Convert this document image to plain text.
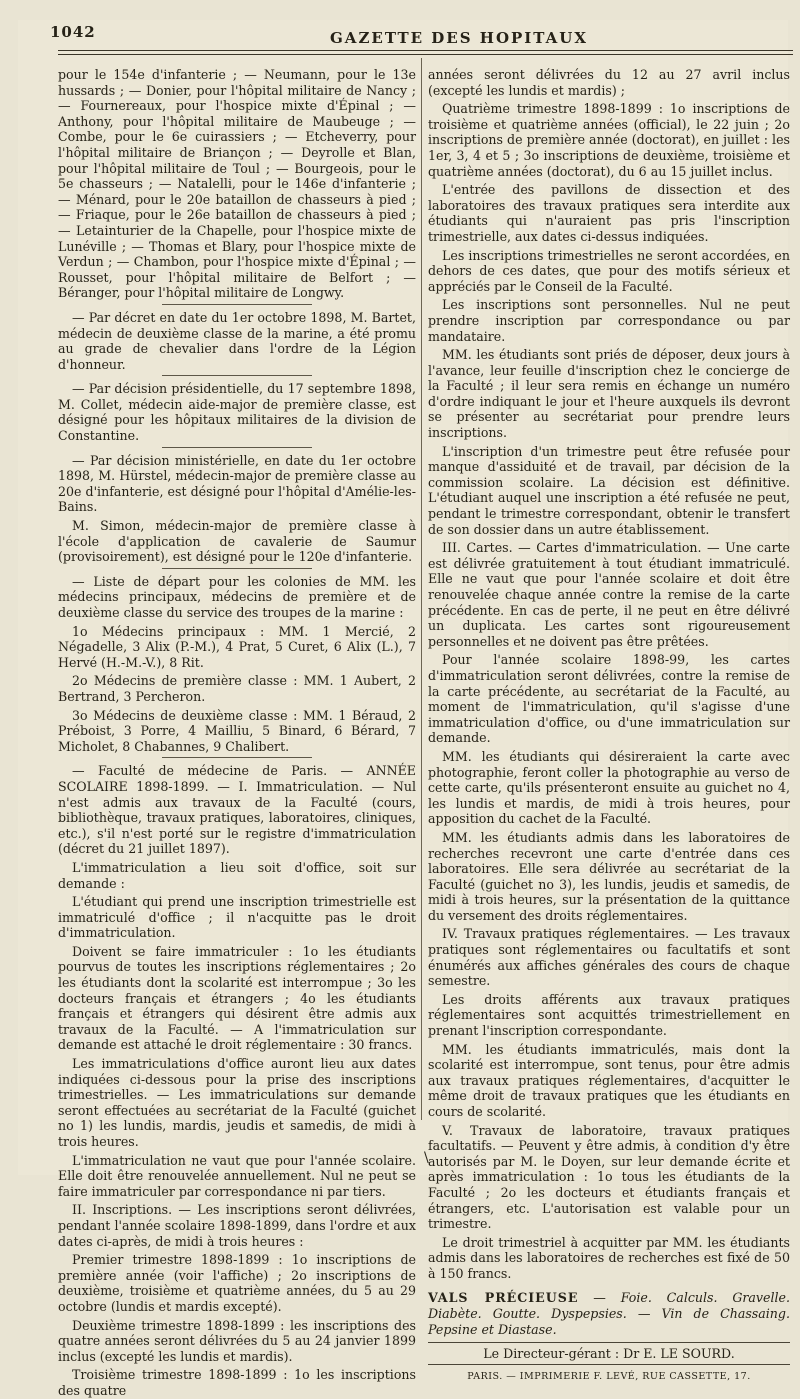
1042	GAZETTE DES HOPITAUX

pour le 154e d'infanterie ; — Neumann, pour le 13e hussards ; — Donier, pour l'hôpital militaire de Nancy ; — Fournereaux, pour l'hospice mixte d'Épinal ; — Anthony, pour l'hôpital militaire de Maubeuge ; — Combe, pour le 6e cuirassiers ; — Etcheverry, pour l'hôpital militaire de Briançon ; — Deyrolle et Blan, pour l'hôpital militaire de Toul ; — Bourgeois, pour le 5e chasseurs ; — Natalelli, pour le 146e d'infanterie ; — Ménard, pour le 20e bataillon de chasseurs à pied ; — Friaque, pour le 26e bataillon de chasseurs à pied ; — Letainturier de la Chapelle, pour l'hospice mixte de Lunéville ; — Thomas et Blary, pour l'hospice mixte de Verdun ; — Chambon, pour l'hospice mixte d'Épinal ; — Rousset, pour l'hôpital militaire de Belfort ; — Béranger, pour l'hôpital militaire de Longwy.

— Par décret en date du 1er octobre 1898, M. Bartet, médecin de deuxième classe de la marine, a été promu au grade de chevalier dans l'ordre de la Légion d'honneur.

— Par décision présidentielle, du 17 septembre 1898, M. Collet, médecin aide-major de première classe, est désigné pour les hôpitaux militaires de la division de Constantine.

— Par décision ministérielle, en date du 1er octobre 1898, M. Hürstel, médecin-major de première classe au 20e d'infanterie, est désigné pour l'hôpital d'Amélie-les-Bains.

M. Simon, médecin-major de première classe à l'école d'application de cavalerie de Saumur (provisoirement), est désigné pour le 120e d'infanterie.

— Liste de départ pour les colonies de MM. les médecins principaux, médecins de première et de deuxième classe du service des troupes de la marine :

1o Médecins principaux : MM. 1 Mercié, 2 Négadelle, 3 Alix (P.-M.), 4 Prat, 5 Curet, 6 Alix (L.), 7 Hervé (H.-M.-V.), 8 Rit.

2o Médecins de première classe : MM. 1 Aubert, 2 Bertrand, 3 Percheron.

3o Médecins de deuxième classe : MM. 1 Béraud, 2 Préboist, 3 Porre, 4 Mailliu, 5 Binard, 6 Bérard, 7 Micholet, 8 Chabannes, 9 Chalibert.

— Faculté de médecine de Paris. — ANNÉE SCOLAIRE 1898-1899. — I. Immatriculation. — Nul n'est admis aux travaux de la Faculté (cours, bibliothèque, travaux pratiques, laboratoires, cliniques, etc.), s'il n'est porté sur le registre d'immatriculation (décret du 21 juillet 1897).

L'immatriculation a lieu soit d'office, soit sur demande :

L'étudiant qui prend une inscription trimestrielle est immatriculé d'office ; il n'acquitte pas le droit d'immatriculation.

Doivent se faire immatriculer : 1o les étudiants pourvus de toutes les inscriptions réglementaires ; 2o les étudiants dont la scolarité est interrompue ; 3o les docteurs français et étrangers ; 4o les étudiants français et étrangers qui désirent être admis aux travaux de la Faculté. — A l'immatriculation sur demande est attaché le droit réglementaire : 30 francs.

Les immatriculations d'office auront lieu aux dates indiquées ci-dessous pour la prise des inscriptions trimestrielles. — Les immatriculations sur demande seront effectuées au secrétariat de la Faculté (guichet no 1) les lundis, mardis, jeudis et samedis, de midi à trois heures.

L'immatriculation ne vaut que pour l'année scolaire. Elle doit être renouvelée annuellement. Nul ne peut se faire immatriculer par correspondance ni par tiers.

II. Inscriptions. — Les inscriptions seront délivrées, pendant l'année scolaire 1898-1899, dans l'ordre et aux dates ci-après, de midi à trois heures :

Premier trimestre 1898-1899 : 1o inscriptions de première année (voir l'affiche) ; 2o inscriptions de deuxième, troisième et quatrième années, du 5 au 29 octobre (lundis et mardis excepté).

Deuxième trimestre 1898-1899 : les inscriptions des quatre années seront délivrées du 5 au 24 janvier 1899 inclus (excepté les lundis et mardis).

Troisième trimestre 1898-1899 : 1o les inscriptions des quatre

années seront délivrées du 12 au 27 avril inclus (excepté les lundis et mardis) ;

Quatrième trimestre 1898-1899 : 1o inscriptions de troisième et quatrième années (official), le 22 juin ; 2o inscriptions de première année (doctorat), en juillet : les 1er, 3, 4 et 5 ; 3o inscriptions de deuxième, troisième et quatrième années (doctorat), du 6 au 15 juillet inclus.

L'entrée des pavillons de dissection et des laboratoires des travaux pratiques sera interdite aux étudiants qui n'auraient pas pris l'inscription trimestrielle, aux dates ci-dessus indiquées.

Les inscriptions trimestrielles ne seront accordées, en dehors de ces dates, que pour des motifs sérieux et appréciés par le Conseil de la Faculté.

Les inscriptions sont personnelles. Nul ne peut prendre inscription par correspondance ou par mandataire.

MM. les étudiants sont priés de déposer, deux jours à l'avance, leur feuille d'inscription chez le concierge de la Faculté ; il leur sera remis en échange un numéro d'ordre indiquant le jour et l'heure auxquels ils devront se présenter au secrétariat pour prendre leurs inscriptions.

L'inscription d'un trimestre peut être refusée pour manque d'assiduité et de travail, par décision de la commission scolaire. La décision est définitive. L'étudiant auquel une inscription a été refusée ne peut, pendant le trimestre correspondant, obtenir le transfert de son dossier dans un autre établissement.

III. Cartes. — Cartes d'immatriculation. — Une carte est délivrée gratuitement à tout étudiant immatriculé. Elle ne vaut que pour l'année scolaire et doit être renouvelée chaque année contre la remise de la carte précédente. En cas de perte, il ne peut en être délivré un duplicata. Les cartes sont rigoureusement personnelles et ne doivent pas être prêtées.

Pour l'année scolaire 1898-99, les cartes d'immatriculation seront délivrées, contre la remise de la carte précédente, au secrétariat de la Faculté, au moment de l'immatriculation, qu'il s'agisse d'une immatriculation d'office, ou d'une immatriculation sur demande.

MM. les étudiants qui désireraient la carte avec photographie, feront coller la photographie au verso de cette carte, qu'ils présenteront ensuite au guichet no 4, les lundis et mardis, de midi à trois heures, pour apposition du cachet de la Faculté.

MM. les étudiants admis dans les laboratoires de recherches recevront une carte d'entrée dans ces laboratoires. Elle sera délivrée au secrétariat de la Faculté (guichet no 3), les lundis, jeudis et samedis, de midi à trois heures, sur la présentation de la quittance du versement des droits réglementaires.

IV. Travaux pratiques réglementaires. — Les travaux pratiques sont réglementaires ou facultatifs et sont énumérés aux affiches générales des cours de chaque semestre.

Les droits afférents aux travaux pratiques réglementaires sont acquittés trimestriellement en prenant l'inscription correspondante.

MM. les étudiants immatriculés, mais dont la scolarité est interrompue, sont tenus, pour être admis aux travaux pratiques réglementaires, d'acquitter le même droit de travaux pratiques que les étudiants en cours de scolarité.

V. Travaux de laboratoire, travaux pratiques facultatifs. — Peuvent y être admis, à condition d'y être autorisés par M. le Doyen, sur leur demande écrite et après immatriculation : 1o tous les étudiants de la Faculté ; 2o les docteurs et étudiants français et étrangers, etc. L'autorisation est valable pour un trimestre.

Le droit trimestriel à acquitter par MM. les étudiants admis dans les laboratoires de recherches est fixé de 50 à 150 francs.

VALS PRÉCIEUSE — Foie. Calculs. Gravelle. Diabète. Goutte. Dyspepsies. — Vin de Chassaing. Pepsine et Diastase.

Le Directeur-gérant : Dr E. LE SOURD.

PARIS. — IMPRIMERIE F. LEVÉ, RUE CASSETTE, 17.

\
